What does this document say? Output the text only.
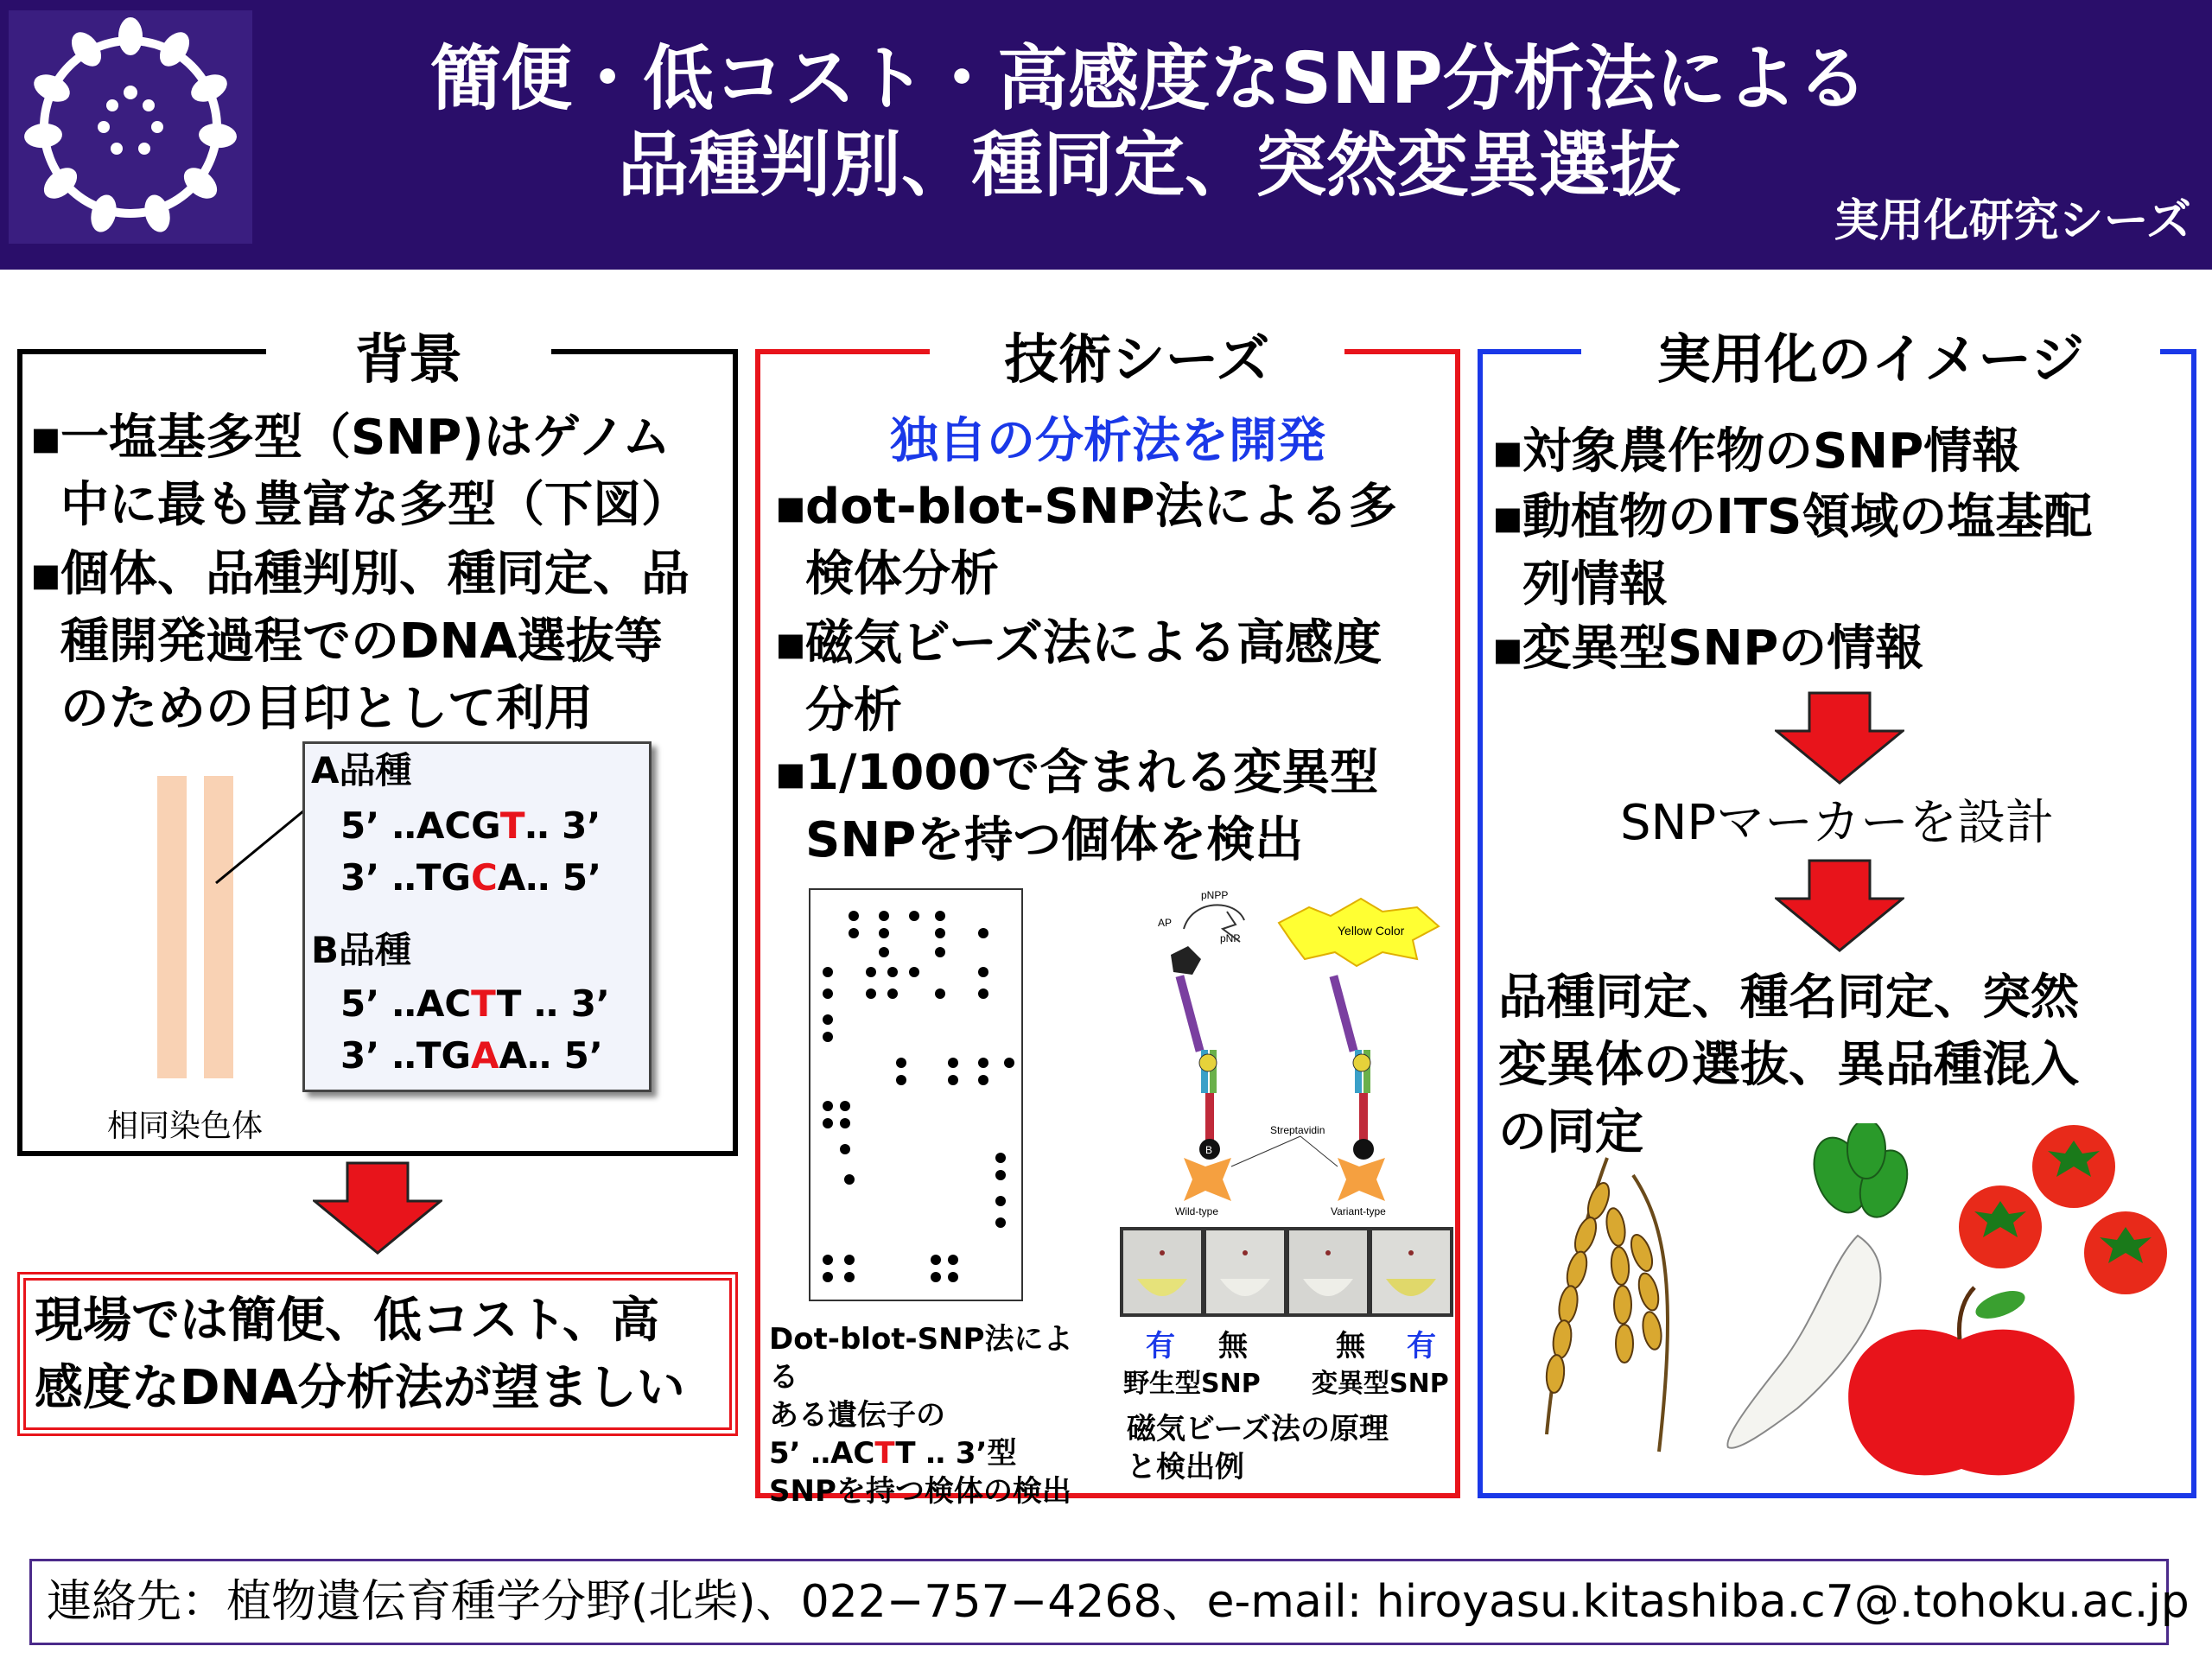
簡便・低コスト・高感度なSNP分析法による
品種判別、種同定、突然変異選抜
実用化研究シーズ
背景
▪一塩基多型（SNP)はゲノム
中に最も豊富な多型（下図）
▪個体、品種判別、種同定、品
種開発過程でのDNA選抜等
のための目印として利用
相同染色体
A品種
5’ ‥ACGT‥ 3’
3’ ‥TGCA‥ 5’
B品種
5’ ‥ACTT ‥ 3’
3’ ‥TGAA‥ 5’
現場では簡便、低コスト、高
感度なDNA分析法が望ましい
技術シーズ
独自の分析法を開発
▪dot-blot-SNP法による多
検体分析
▪磁気ビーズ法による高感度
分析
▪1/1000で含まれる変異型
SNPを持つ個体を検出
Dot-blot-SNP法による
ある遺伝子の
5’ ‥ACTT ‥ 3’型
SNPを持つ検体の検出
Yellow Color
AP
pNPP
pNP
B
Streptavidin
Wild-type	Variant-type
有 無	無 有
野生型SNP 変異型SNP
磁気ビーズ法の原理
と検出例
実用化のイメージ
▪対象農作物のSNP情報
▪動植物のITS領域の塩基配
列情報
▪変異型SNPの情報
SNPマーカーを設計
品種同定、種名同定、突然
変異体の選抜、異品種混入
の同定
連絡先：植物遺伝育種学分野(北柴)、022−757−4268、e-mail: hiroyasu.kitashiba.c7@.tohoku.ac.jp
